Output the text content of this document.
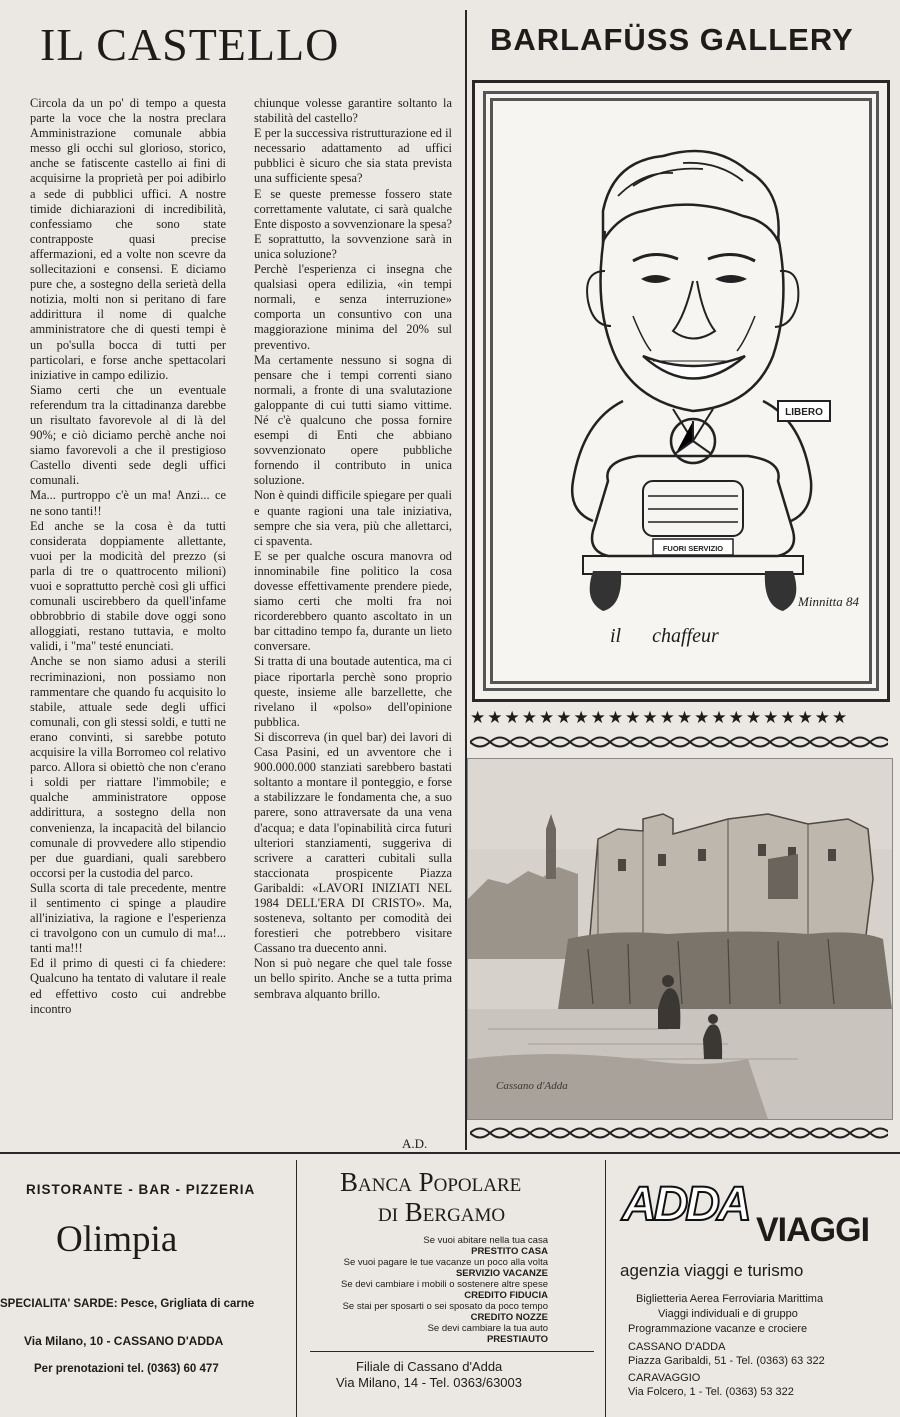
IL CASTELLO

Circola da un po' di tempo a questa parte la voce che la nostra preclara Amministrazione comunale abbia messo gli occhi sul glorioso, storico, anche se fatiscente castello ai fini di acquisirne la proprietà per poi adibirlo a sede di pubblici uffici. A nostre timide dichiarazioni di incredibilità, confessiamo che sono state contrapposte quasi precise affermazioni, ed a volte non scevre da sollecitazioni e consensi. E diciamo pure che, a sostegno della serietà della notizia, molti non si peritano di fare addirittura il nome di qualche amministratore che di questi tempi è un po'sulla bocca di tutti per particolari, e forse anche spettacolari iniziative in campo edilizio.

Siamo certi che un eventuale referendum tra la cittadinanza darebbe un risultato favorevole al di là del 90%; e ciò diciamo perchè anche noi siamo favorevoli a che il prestigioso Castello diventi sede degli uffici comunali.

Ma... purtroppo c'è un ma! Anzi... ce ne sono tanti!!

Ed anche se la cosa è da tutti considerata doppiamente allettante, vuoi per la modicità del prezzo (si parla di tre o quattrocento milioni) vuoi e soprattutto perchè così gli uffici comunali uscirebbero da quell'infame obbrobbrio di stabile dove oggi sono alloggiati, restano tuttavia, e molto validi, i "ma" testé enunciati.

Anche se non siamo adusi a sterili recriminazioni, non possiamo non rammentare che quando fu acquisito lo stabile, attuale sede degli uffici comunali, con gli stessi soldi, e tutti ne erano convinti, si sarebbe potuto acquisire la villa Borromeo col relativo parco. Allora si obiettò che non c'erano i soldi per riattare l'immobile; e qualche amministratore oppose addirittura, a sostegno della non convenienza, la incapacità del bilancio comunale di provvedere allo stipendio per due guardiani, quali sarebbero occorsi per la custodia del parco.

Sulla scorta di tale precedente, mentre il sentimento ci spinge a plaudire all'iniziativa, la ragione e l'esperienza ci travolgono con un cumulo di ma!... tanti ma!!!

Ed il primo di questi ci fa chiedere: Qualcuno ha tentato di valutare il reale ed effettivo costo cui andrebbe incontro

chiunque volesse garantire soltanto la stabilità del castello?

E per la successiva ristrutturazione ed il necessario adattamento ad uffici pubblici è sicuro che sia stata prevista una sufficiente spesa?

E se queste premesse fossero state correttamente valutate, ci sarà qualche Ente disposto a sovvenzionare la spesa? E soprattutto, la sovvenzione sarà in unica soluzione?

Perchè l'esperienza ci insegna che qualsiasi opera edilizia, «in tempi normali, e senza interruzione» comporta un consuntivo con una maggiorazione minima del 20% sul preventivo.

Ma certamente nessuno si sogna di pensare che i tempi correnti siano normali, a fronte di una svalutazione galoppante di cui tutti siamo vittime. Né c'è qualcuno che possa fornire esempi di Enti che abbiano sovvenzionato opere pubbliche fornendo il contributo in unica soluzione.

Non è quindi difficile spiegare per quali e quante ragioni una tale iniziativa, sempre che sia vera, più che allettarci, ci spaventa.

E se per qualche oscura manovra od innominabile fine politico la cosa dovesse effettivamente prendere piede, siamo certi che molti fra noi ricorderebbero quanto ascoltato in un bar cittadino tempo fa, durante un lieto conversare.

Si tratta di una boutade autentica, ma ci piace riportarla perchè sono proprio queste, insieme alle barzellette, che rivelano il «polso» dell'opinione pubblica.

Si discorreva (in quel bar) dei lavori di Casa Pasini, ed un avventore che i 900.000.000 stanziati sarebbero bastati soltanto a montare il ponteggio, e forse a stabilizzare le fondamenta che, a suo parere, sono attraversate da una vena d'acqua; e data l'opinabilità circa futuri ulteriori stanziamenti, suggeriva di scrivere a caratteri cubitali sulla staccionata prospicente Piazza Garibaldi: «LAVORI INIZIATI NEL 1984 DELL'ERA DI CRISTO». Ma, sosteneva, soltanto per comodità dei forestieri che potrebbero visitare Cassano tra duecento anni.

Non si può negare che quel tale fosse un bello spirito. Anche se a tutta prima sembrava alquanto brillo.

A.D.
BARLAFÜSS GALLERY
LIBERO
FUORI SERVIZIO
Minnitta 84
il chaffeur
★★★★★★★★★★★★★★★★★★★★★★
Cassano d'Adda
RISTORANTE - BAR - PIZZERIA
Olimpia
SPECIALITA' SARDE: Pesce, Grigliata di carne
Via Milano, 10 - CASSANO D'ADDA
Per prenotazioni tel. (0363) 60 477
Banca Popolare
di Bergamo
Se vuoi abitare nella tua casa
PRESTITO CASA
Se vuoi pagare le tue vacanze un poco alla volta
SERVIZIO VACANZE
Se devi cambiare i mobili o sostenere altre spese
CREDITO FIDUCIA
Se stai per sposarti o sei sposato da poco tempo
CREDITO NOZZE
Se devi cambiare la tua auto
PRESTIAUTO
Filiale di Cassano d'Adda
Via Milano, 14 - Tel. 0363/63003
ADDA VIAGGI
agenzia viaggi e turismo
Biglietteria Aerea Ferroviaria Marittima
Viaggi individuali e di gruppo
Programmazione vacanze e crociere
CASSANO D'ADDA
Piazza Garibaldi, 51 - Tel. (0363) 63 322
CARAVAGGIO
Via Folcero, 1 - Tel. (0363) 53 322
